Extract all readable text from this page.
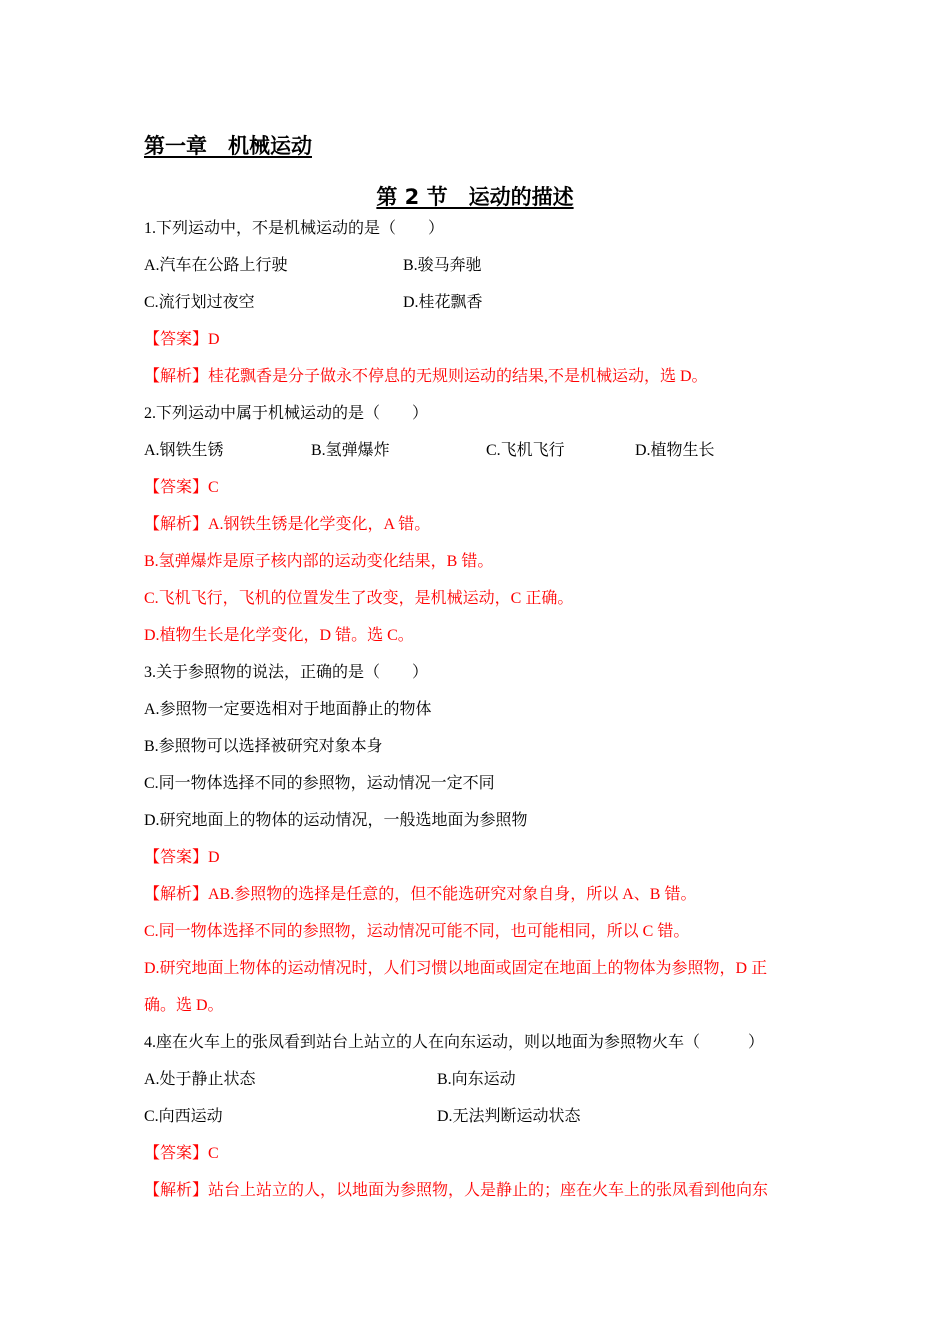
第一章　机械运动
第 2 节　运动的描述
1.下列运动中，不是机械运动的是（　　）
A.汽车在公路上行驶	B.骏马奔驰
C.流行划过夜空	D.桂花飘香
【答案】D
【解析】桂花飘香是分子做永不停息的无规则运动的结果,不是机械运动，选 D。
2.下列运动中属于机械运动的是（　　）
A.钢铁生锈	B.氢弹爆炸	C.飞机飞行	D.植物生长
【答案】C
【解析】A.钢铁生锈是化学变化，A 错。
B.氢弹爆炸是原子核内部的运动变化结果，B 错。
C.飞机飞行，飞机的位置发生了改变，是机械运动，C 正确。
D.植物生长是化学变化，D 错。选 C。
3.关于参照物的说法，正确的是（　　）
A.参照物一定要选相对于地面静止的物体
B.参照物可以选择被研究对象本身
C.同一物体选择不同的参照物，运动情况一定不同
D.研究地面上的物体的运动情况，一般选地面为参照物
【答案】D
【解析】AB.参照物的选择是任意的，但不能选研究对象自身，所以 A、B 错。
C.同一物体选择不同的参照物，运动情况可能不同，也可能相同，所以 C 错。
D.研究地面上物体的运动情况时，人们习惯以地面或固定在地面上的物体为参照物，D 正
确。选 D。
4.座在火车上的张凤看到站台上站立的人在向东运动，则以地面为参照物火车（　　　）
A.处于静止状态	B.向东运动
C.向西运动	D.无法判断运动状态
【答案】C
【解析】站台上站立的人，以地面为参照物，人是静止的；座在火车上的张凤看到他向东
